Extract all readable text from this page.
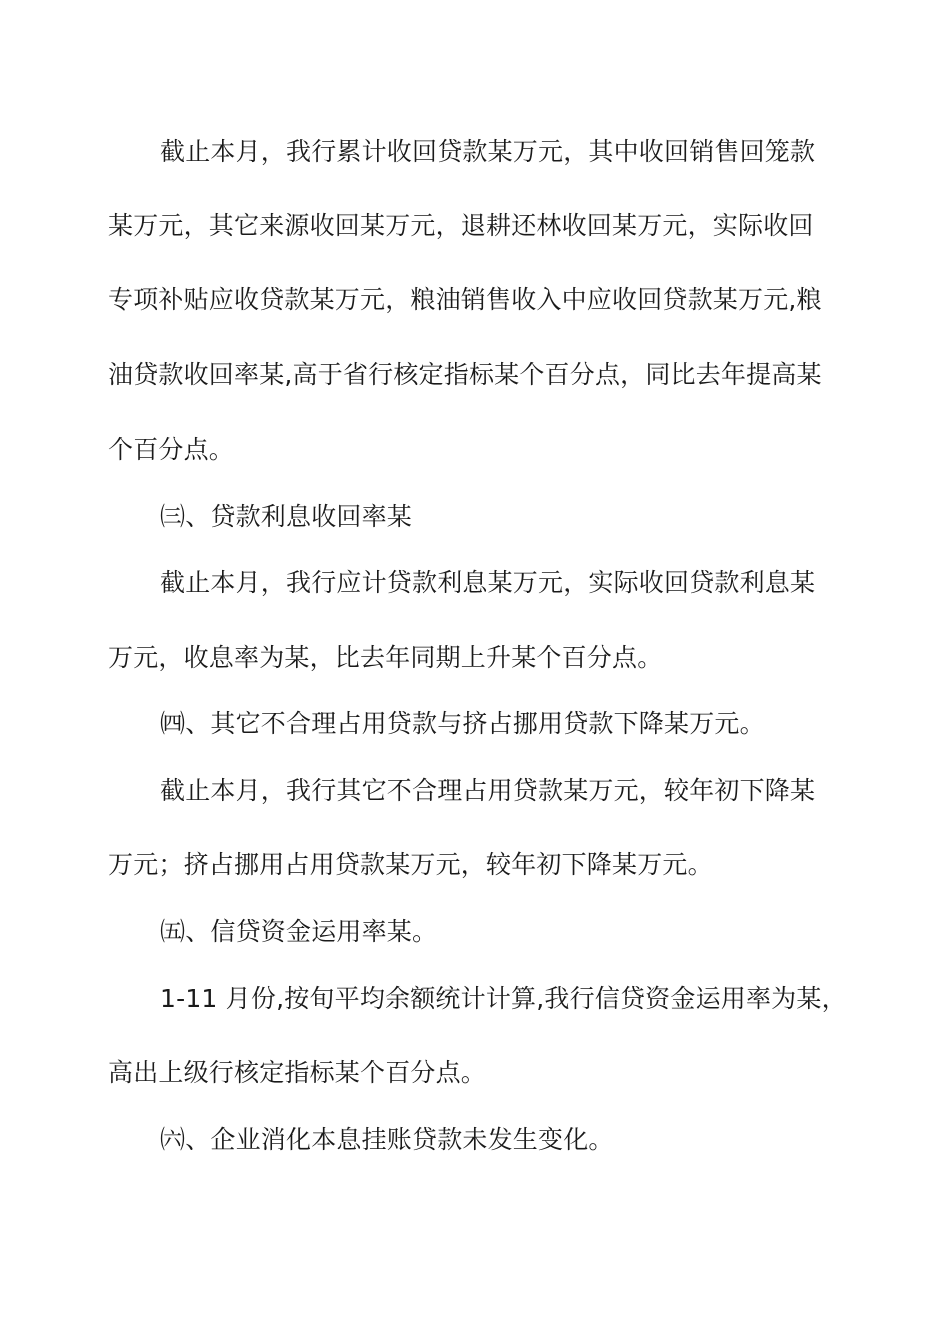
截止本月，我行累计收回贷款某万元，其中收回销售回笼款
某万元，其它来源收回某万元，退耕还林收回某万元，实际收回
专项补贴应收贷款某万元，粮油销售收入中应收回贷款某万元,粮
油贷款收回率某,高于省行核定指标某个百分点，同比去年提高某
个百分点。
㈢、贷款利息收回率某
截止本月，我行应计贷款利息某万元，实际收回贷款利息某
万元，收息率为某，比去年同期上升某个百分点。
㈣、其它不合理占用贷款与挤占挪用贷款下降某万元。
截止本月，我行其它不合理占用贷款某万元，较年初下降某
万元；挤占挪用占用贷款某万元，较年初下降某万元。
㈤、信贷资金运用率某。
1-11 月份,按旬平均余额统计计算,我行信贷资金运用率为某，
高出上级行核定指标某个百分点。
㈥、企业消化本息挂账贷款未发生变化。
